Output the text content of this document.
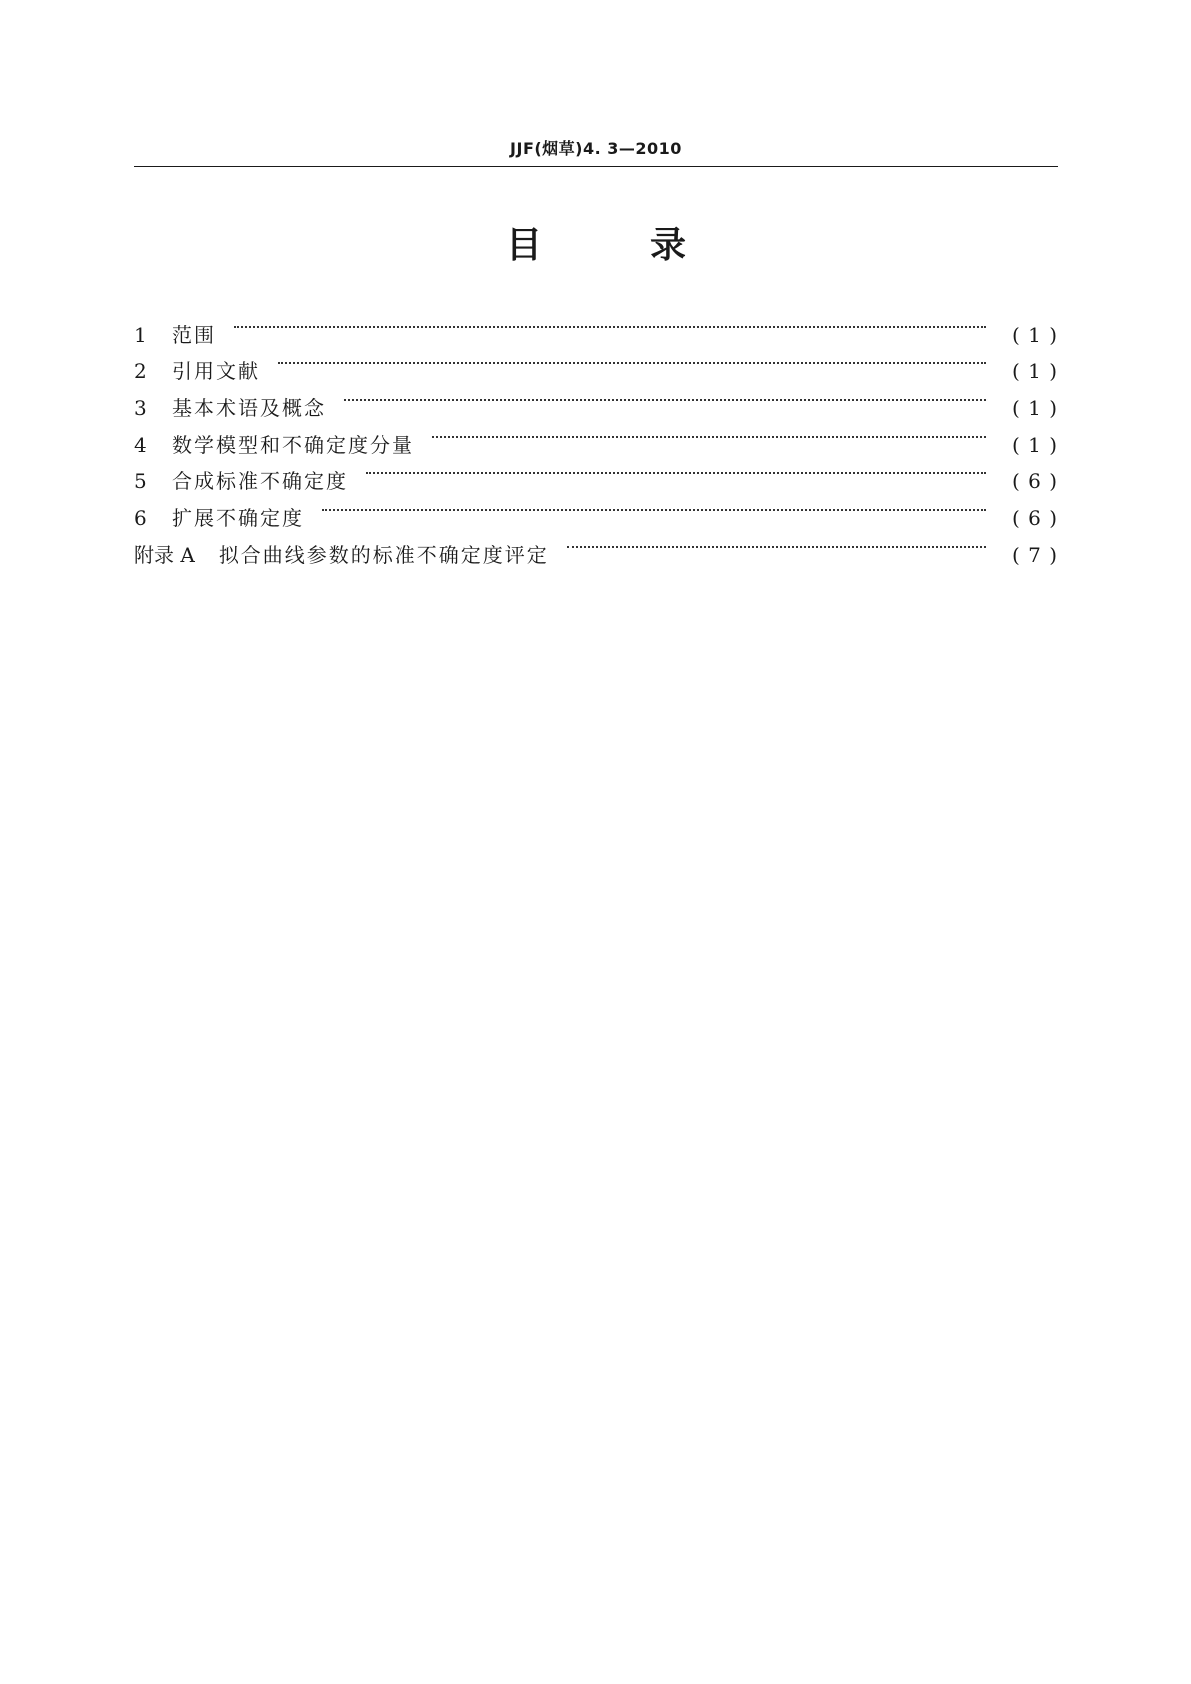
JJF(烟草)4. 3—2010
目　　　录
1	范围	( 1 )
2	引用文献	( 1 )
3	基本术语及概念	( 1 )
4	数学模型和不确定度分量	( 1 )
5	合成标准不确定度	( 6 )
6	扩展不确定度	( 6 )
附录 A	拟合曲线参数的标准不确定度评定	( 7 )
